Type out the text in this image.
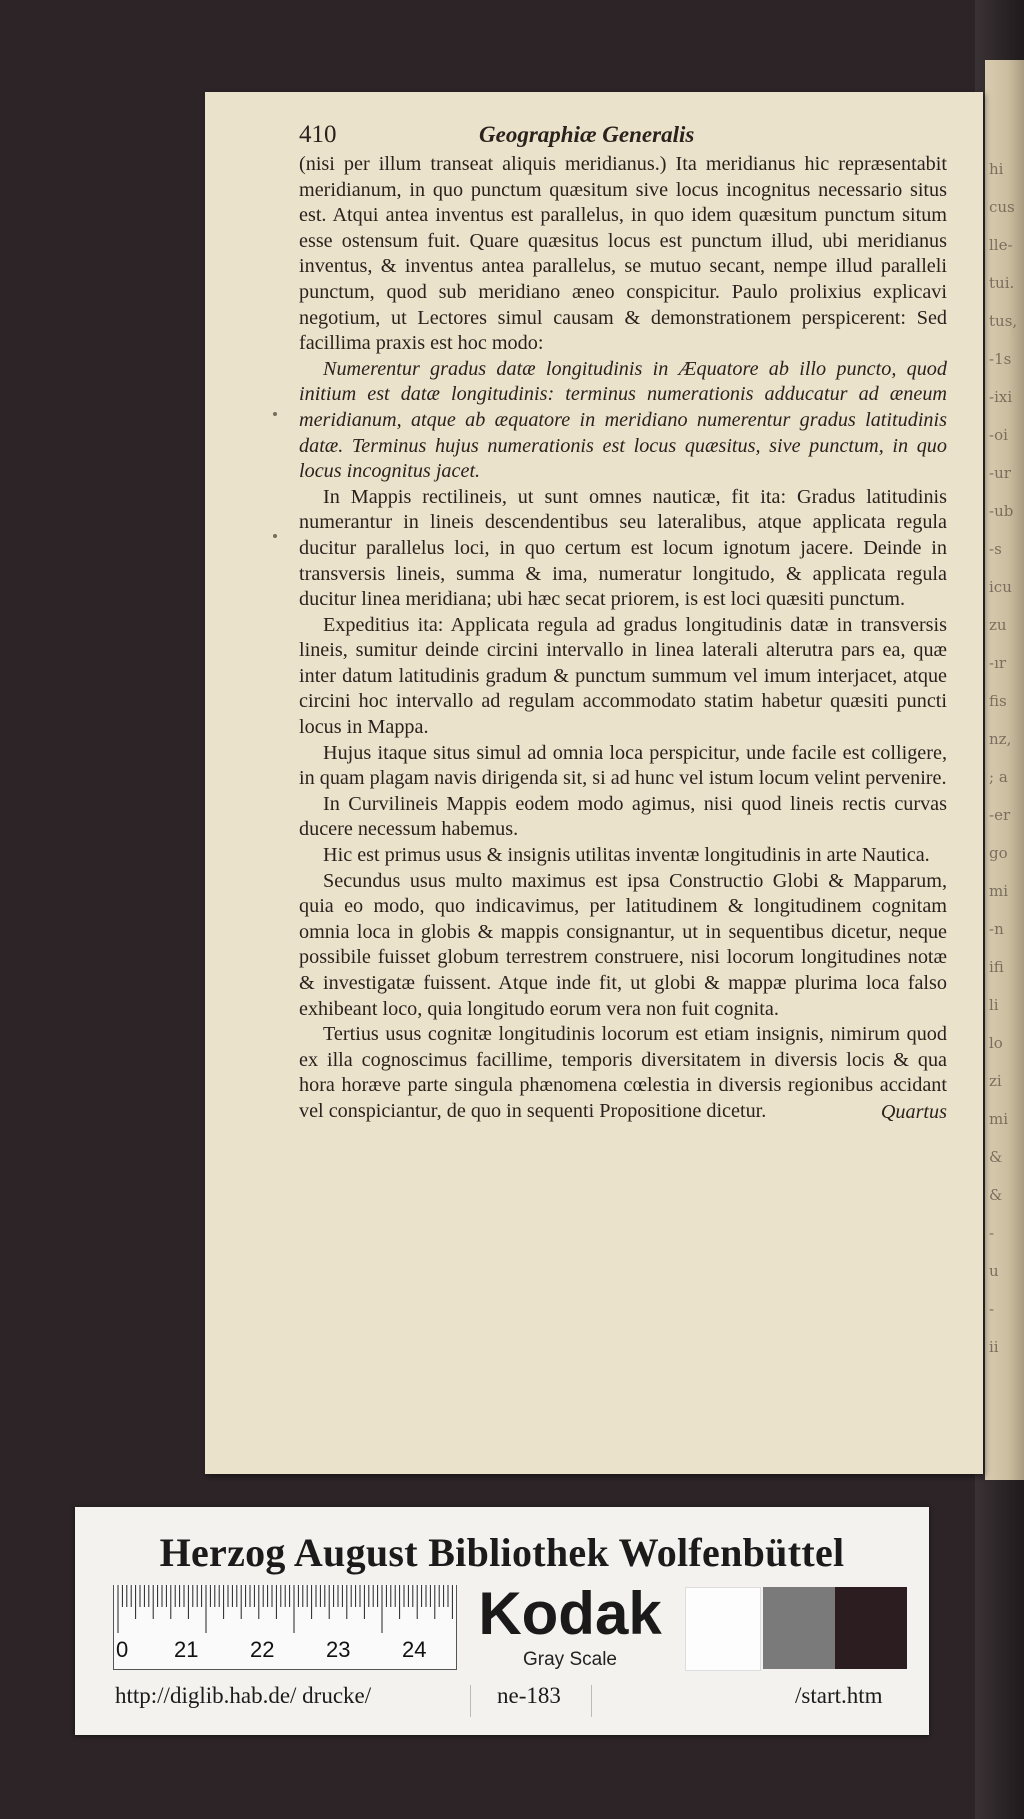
hi
cus
lle-
tui.
tus,
-1s
-ixi
-oi
-ur
-ub
-s
icu
zu
-ır
fis
nz,
; a
-er
go
mi
-n
ifi
li
lo
zi
mi
&
&
-
u
-
ii
410	Geographiæ Generalis

(nisi per illum transeat aliquis meridianus.) Ita meridianus hic repræsentabit meridianum, in quo punctum quæsitum sive locus incognitus necessario situs est. Atqui antea inventus est parallelus, in quo idem quæsitum punctum situm esse ostensum fuit. Quare quæsitus locus est punctum illud, ubi meridianus inventus, & inventus antea parallelus, se mutuo secant, nempe illud paralleli punctum, quod sub meridiano æneo conspicitur. Paulo prolixius explicavi negotium, ut Lectores simul causam & demonstrationem perspicerent: Sed facillima praxis est hoc modo:

Numerentur gradus datæ longitudinis in Æquatore ab illo puncto, quod initium est datæ longitudinis: terminus numerationis adducatur ad æneum meridianum, atque ab æquatore in meridiano numerentur gradus latitudinis datæ. Terminus hujus numerationis est locus quæsitus, sive punctum, in quo locus incognitus jacet.

In Mappis rectilineis, ut sunt omnes nauticæ, fit ita: Gradus latitudinis numerantur in lineis descendentibus seu lateralibus, atque applicata regula ducitur parallelus loci, in quo certum est locum ignotum jacere. Deinde in transversis lineis, summa & ima, numeratur longitudo, & applicata regula ducitur linea meridiana; ubi hæc secat priorem, is est loci quæsiti punctum.

Expeditius ita: Applicata regula ad gradus longitudinis datæ in transversis lineis, sumitur deinde circini intervallo in linea laterali alterutra pars ea, quæ inter datum latitudinis gradum & punctum summum vel imum interjacet, atque circini hoc intervallo ad regulam accommodato statim habetur quæsiti puncti locus in Mappa.

Hujus itaque situs simul ad omnia loca perspicitur, unde facile est colligere, in quam plagam navis dirigenda sit, si ad hunc vel istum locum velint pervenire.

In Curvilineis Mappis eodem modo agimus, nisi quod lineis rectis curvas ducere necessum habemus.

Hic est primus usus & insignis utilitas inventæ longitudinis in arte Nautica.

Secundus usus multo maximus est ipsa Constructio Globi & Mapparum, quia eo modo, quo indicavimus, per latitudinem & longitudinem cognitam omnia loca in globis & mappis consignantur, ut in sequentibus dicetur, neque possibile fuisset globum terrestrem construere, nisi locorum longitudines notæ & investigatæ fuissent. Atque inde fit, ut globi & mappæ plurima loca falso exhibeant loco, quia longitudo eorum vera non fuit cognita.

Tertius usus cognitæ longitudinis locorum est etiam insignis, nimirum quod ex illa cognoscimus facillime, temporis diversitatem in diversis locis & qua hora horæve parte singula phænomena cœlestia in diversis regionibus accidant vel conspiciantur, de quo in sequenti Propositione dicetur.	Quartus
Herzog August Bibliothek Wolfenbüttel
0 21 22 23 24
Kodak
Gray Scale
http://diglib.hab.de/ drucke/	ne-183	/start.htm
